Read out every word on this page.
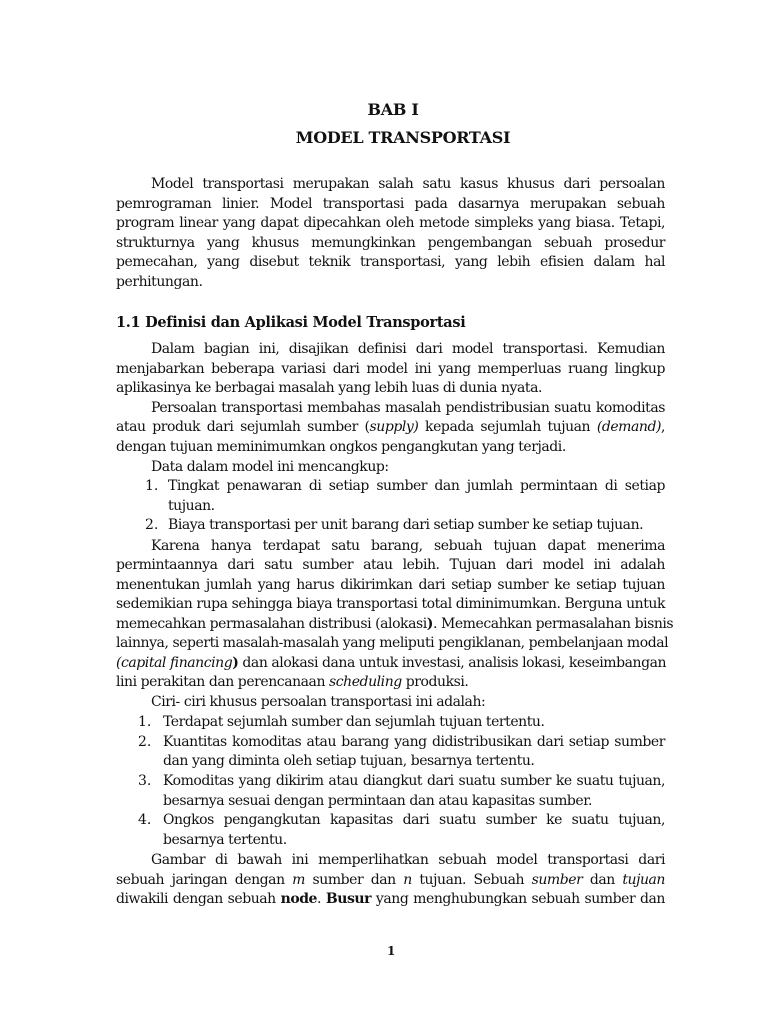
BAB I
MODEL TRANSPORTASI
Model transportasi merupakan salah satu kasus khusus dari persoalan
pemrograman linier. Model transportasi pada dasarnya merupakan sebuah
program linear yang dapat dipecahkan oleh metode simpleks yang biasa. Tetapi,
strukturnya yang khusus memungkinkan pengembangan sebuah prosedur
pemecahan, yang disebut teknik transportasi, yang lebih efisien dalam hal
perhitungan.
1.1 Definisi dan Aplikasi Model Transportasi
Dalam bagian ini, disajikan definisi dari model transportasi. Kemudian
menjabarkan beberapa variasi dari model ini yang memperluas ruang lingkup
aplikasinya ke berbagai masalah yang lebih luas di dunia nyata.
Persoalan transportasi membahas masalah pendistribusian suatu komoditas
atau produk dari sejumlah sumber (supply) kepada sejumlah tujuan (demand),
dengan tujuan meminimumkan ongkos pengangkutan yang terjadi.
Data dalam model ini mencangkup:
1. Tingkat penawaran di setiap sumber dan jumlah permintaan di setiap
tujuan.
2. Biaya transportasi per unit barang dari setiap sumber ke setiap tujuan.
Karena hanya terdapat satu barang, sebuah tujuan dapat menerima
permintaannya dari satu sumber atau lebih. Tujuan dari model ini adalah
menentukan jumlah yang harus dikirimkan dari setiap sumber ke setiap tujuan
sedemikian rupa sehingga biaya transportasi total diminimumkan. Berguna untuk
memecahkan permasalahan distribusi (alokasi). Memecahkan permasalahan bisnis
lainnya, seperti masalah-masalah yang meliputi pengiklanan, pembelanjaan modal
(capital financing) dan alokasi dana untuk investasi, analisis lokasi, keseimbangan
lini perakitan dan perencanaan scheduling produksi.
Ciri- ciri khusus persoalan transportasi ini adalah:
1. Terdapat sejumlah sumber dan sejumlah tujuan tertentu.
2. Kuantitas komoditas atau barang yang didistribusikan dari setiap sumber
dan yang diminta oleh setiap tujuan, besarnya tertentu.
3. Komoditas yang dikirim atau diangkut dari suatu sumber ke suatu tujuan,
besarnya sesuai dengan permintaan dan atau kapasitas sumber.
4. Ongkos pengangkutan kapasitas dari suatu sumber ke suatu tujuan,
besarnya tertentu.
Gambar di bawah ini memperlihatkan sebuah model transportasi dari
sebuah jaringan dengan m sumber dan n tujuan. Sebuah sumber dan tujuan
diwakili dengan sebuah node. Busur yang menghubungkan sebuah sumber dan
1
